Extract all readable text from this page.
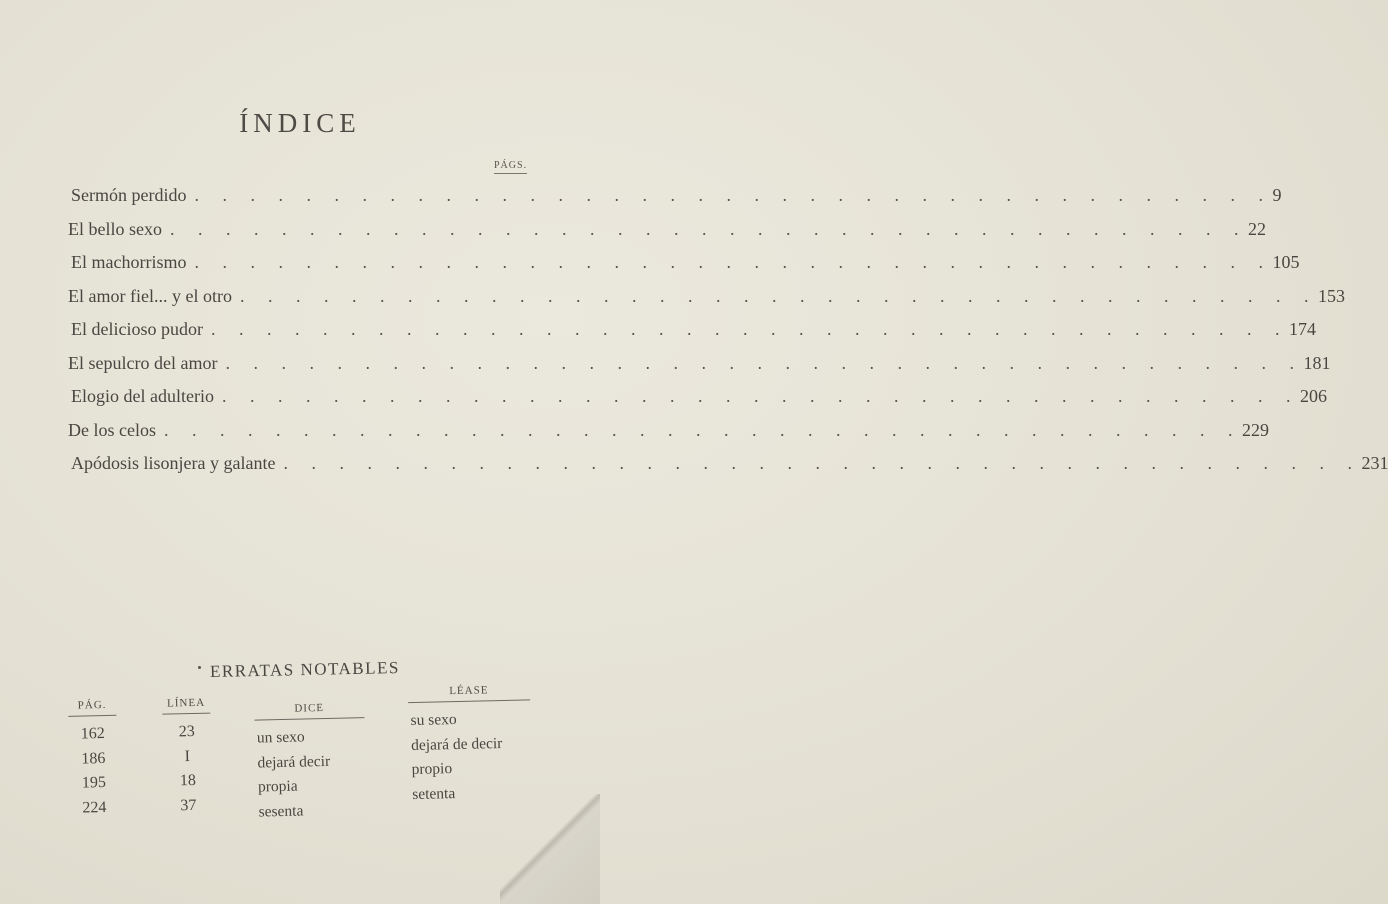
ÍNDICE
PÁGS.
Sermón perdido . . . . . . . . . . . . . . . . . . . . . . . . . . . . . . . . . . . . . . . 9
El bello sexo . . . . . . . . . . . . . . . . . . . . . . . . . . . . . . . . . . . . . . . 22
El machorrismo . . . . . . . . . . . . . . . . . . . . . . . . . . . . . . . . . . . . . . . 105
El amor fiel... y el otro . . . . . . . . . . . . . . . . . . . . . . . . . . . . . . . . . . . . . . . 153
El delicioso pudor . . . . . . . . . . . . . . . . . . . . . . . . . . . . . . . . . . . . . . . 174
El sepulcro del amor . . . . . . . . . . . . . . . . . . . . . . . . . . . . . . . . . . . . . . . 181
Elogio del adulterio . . . . . . . . . . . . . . . . . . . . . . . . . . . . . . . . . . . . . . . 206
De los celos . . . . . . . . . . . . . . . . . . . . . . . . . . . . . . . . . . . . . . . 229
Apódosis lisonjera y galante . . . . . . . . . . . . . . . . . . . . . . . . . . . . . . . . . . . . . . . 231
ERRATAS NOTABLES
PÁG.
162
186
195
224
LÍNEA
23
I
18
37
DICE
un sexo
dejará decir
propia
sesenta
LÉASE
su sexo
dejará de decir
propio
setenta
